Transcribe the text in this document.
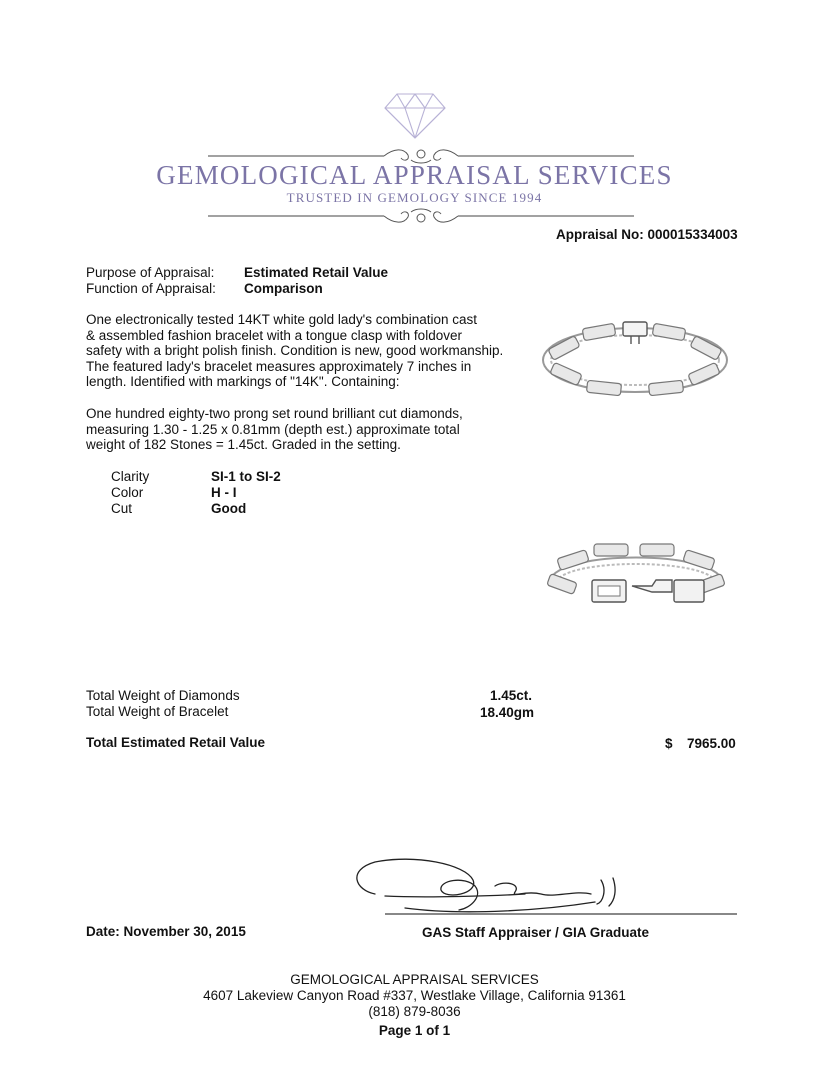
GEMOLOGICAL APPRAISAL SERVICES
TRUSTED IN GEMOLOGY SINCE 1994
Appraisal No: 000015334003
Purpose of Appraisal: Estimated Retail Value
Function of Appraisal: Comparison
One electronically tested 14KT white gold lady's combination cast
& assembled fashion bracelet with a tongue clasp with foldover
safety with a bright polish finish. Condition is new, good workmanship.
The featured lady's bracelet measures approximately 7 inches in
length. Identified with markings of "14K". Containing:
One hundred eighty-two prong set round brilliant cut diamonds,
measuring 1.30 - 1.25 x 0.81mm (depth est.) approximate total
weight of 182 Stones = 1.45ct. Graded in the setting.
Clarity	SI-1 to SI-2
Color	H - I
Cut	Good
Total Weight of Diamonds	1.45ct.
Total Weight of Bracelet	18.40gm
Total Estimated Retail Value	$ 7965.00
Date: November 30, 2015	GAS Staff Appraiser / GIA Graduate
GEMOLOGICAL APPRAISAL SERVICES
4607 Lakeview Canyon Road #337, Westlake Village, California 91361
(818) 879-8036
Page 1 of 1
